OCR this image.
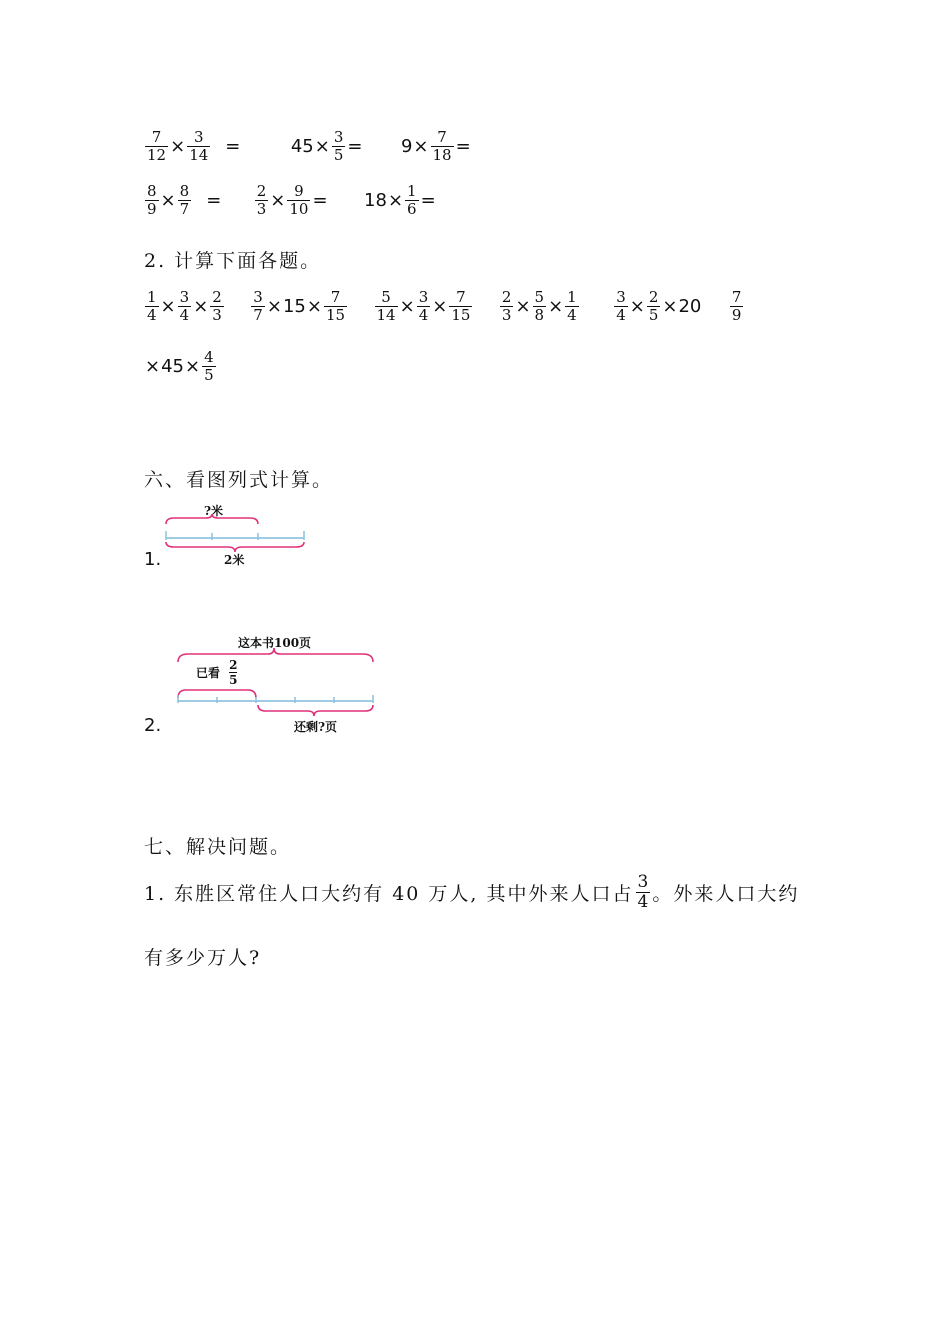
$\frac{7}{12} \times \frac{3}{14}$ =	$45\times \frac{3}{5} = 9\times \frac{7}{18}$ =
$\frac{8}{9} \times \frac{8}{7} = \frac{2}{3} \times \frac{9}{10} = 18\times \frac{1}{6}$ =
2. 计算下面各题。
$\frac{1}{4} \times \frac{3}{4} \times \frac{2}{3}$
$\frac{3}{7} \times 15\times \frac{7}{15}$
$\frac{5}{14} \times \frac{3}{4} \times \frac{7}{15}$
$\frac{2}{3} \times \frac{5}{8} \times \frac{1}{4}$
$\frac{3}{4} \times \frac{2}{5} \times 20 \frac{7}{9}$
$\times 45\times \frac{4}{5}$
六、看图列式计算。
1.
?米
2米
2.
这本书100页
已看 $\frac{2}{5}$
还剩?页
七、解决问题。
1. 东胜区常住人口大约有 40 万人, 其中外来人口占 $\frac{3}{4}$ 。外来人口大约
有多少万人?
